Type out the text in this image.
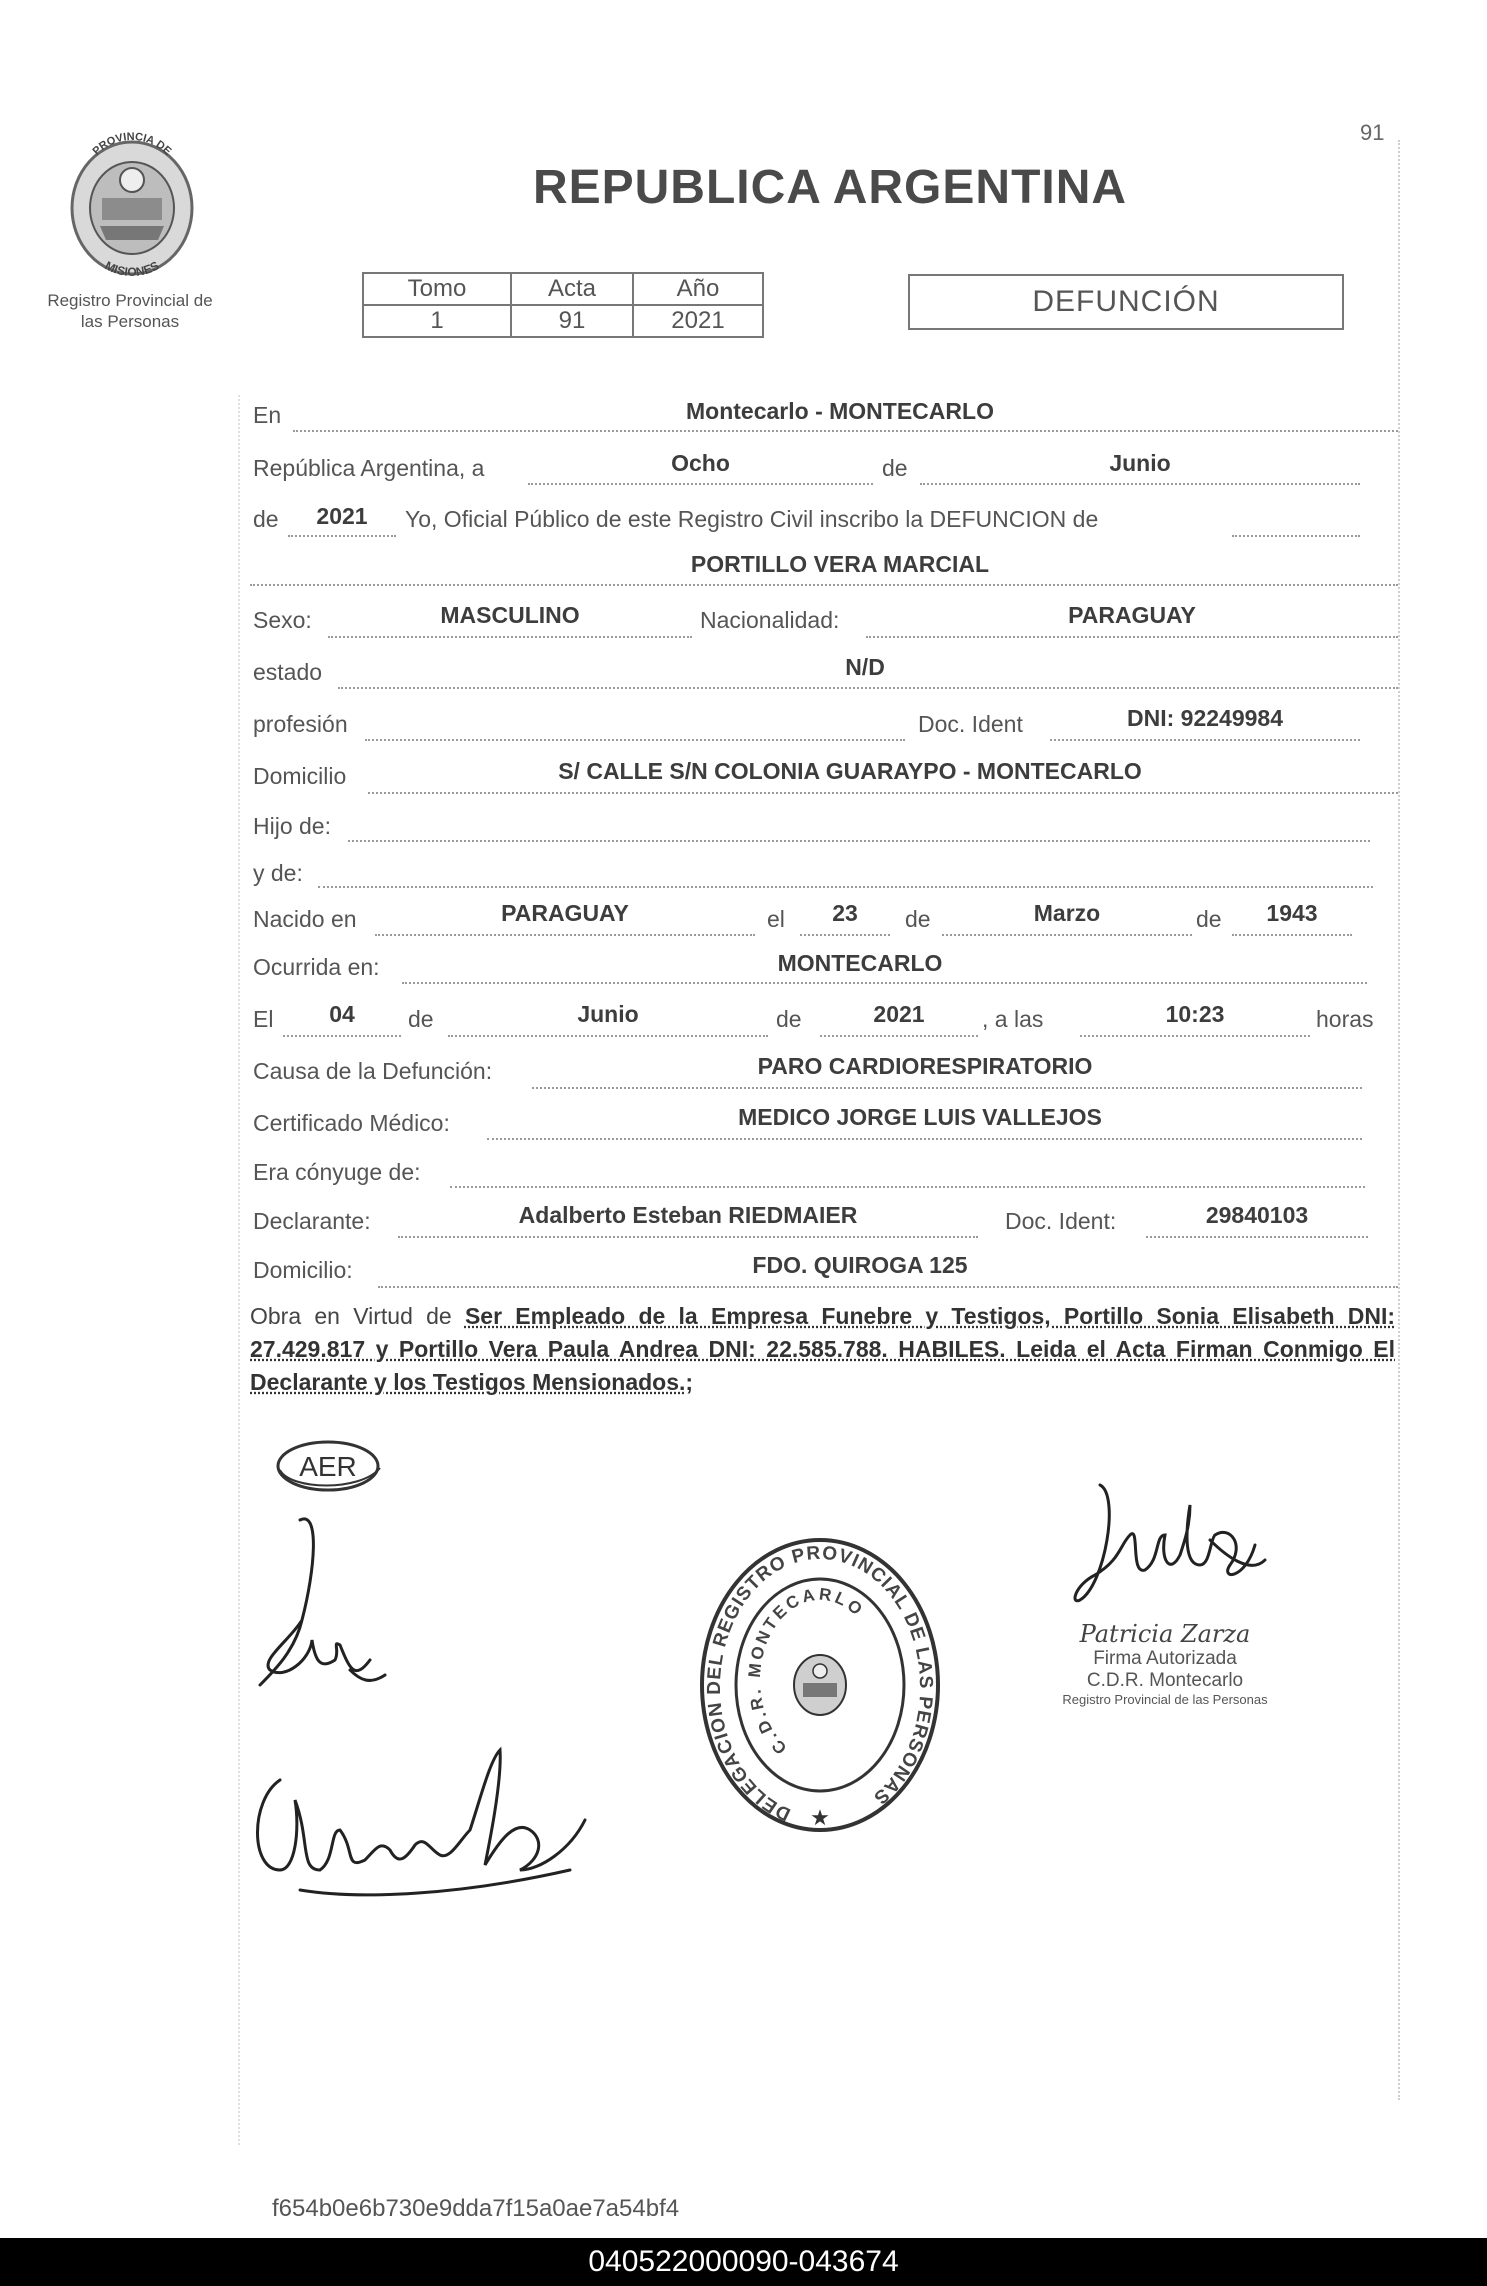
91
PROVINCIA DE
MISIONES
Registro Provincial de
las Personas
REPUBLICA ARGENTINA
Tomo	Acta	Año
1	91	2021
DEFUNCIÓN
En	Montecarlo - MONTECARLO
República Argentina, a	Ocho	de	Junio
de	2021	Yo, Oficial Público de este Registro Civil inscribo la DEFUNCION de
PORTILLO VERA MARCIAL
Sexo:	MASCULINO	Nacionalidad:	PARAGUAY
estado	N/D
profesión	Doc. Ident	DNI: 92249984
Domicilio	S/ CALLE S/N COLONIA GUARAYPO - MONTECARLO
Hijo de:
y de:
Nacido en	PARAGUAY	el	23	de	Marzo	de	1943
Ocurrida en:	MONTECARLO
El	04	de	Junio	de	2021	, a las	10:23	horas
Causa de la Defunción:	PARO CARDIORESPIRATORIO
Certificado Médico:	MEDICO JORGE LUIS VALLEJOS
Era cónyuge de:
Declarante:	Adalberto Esteban RIEDMAIER	Doc. Ident:	29840103
Domicilio:	FDO. QUIROGA 125
Obra en Virtud de Ser Empleado de la Empresa Funebre y Testigos, Portillo Sonia Elisabeth DNI: 27.429.817 y Portillo Vera Paula Andrea DNI: 22.585.788. HABILES. Leida el Acta Firman Conmigo El Declarante y los Testigos Mensionados.;
AER
DELEGACION DEL REGISTRO PROVINCIAL DE LAS PERSONAS
C.D.R. MONTECARLO
★
Patricia Zarza
Firma Autorizada
C.D.R. Montecarlo
Registro Provincial de las Personas
f654b0e6b730e9dda7f15a0ae7a54bf4
040522000090-043674
